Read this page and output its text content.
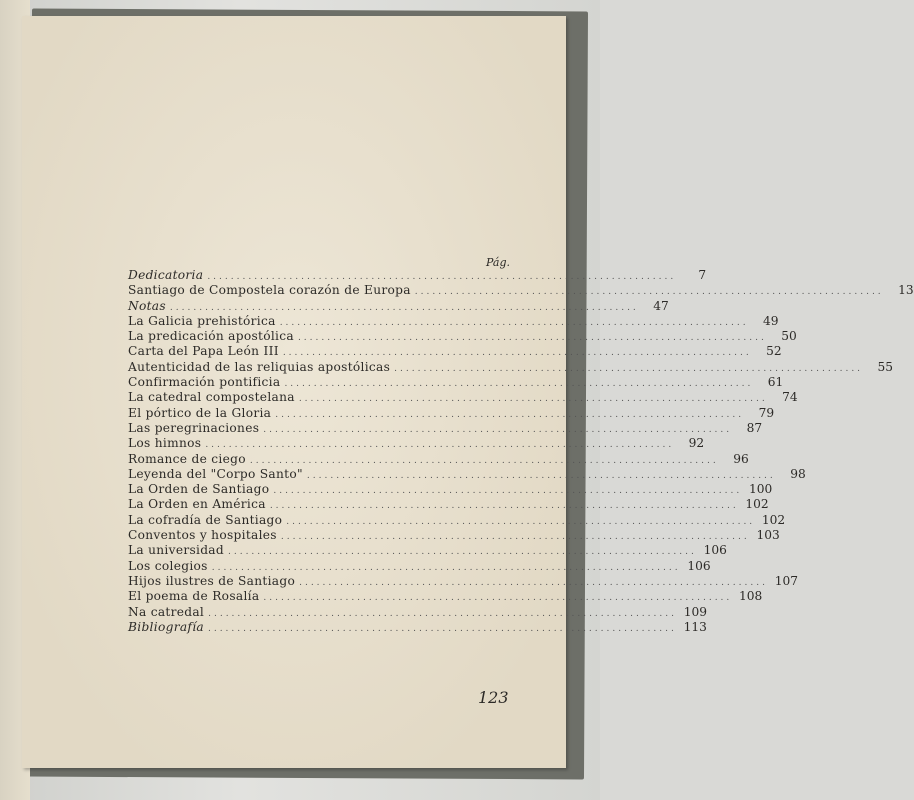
Pág.
Dedicatoria ................................................................................	7
Santiago de Compostela corazón de Europa ................................................................................	13
Notas ................................................................................	47
La Galicia prehistórica ................................................................................	49
La predicación apostólica ................................................................................	50
Carta del Papa León III ................................................................................	52
Autenticidad de las reliquias apostólicas ................................................................................	55
Confirmación pontificia ................................................................................	61
La catedral compostelana ................................................................................	74
El pórtico de la Gloria ................................................................................	79
Las peregrinaciones ................................................................................	87
Los himnos ................................................................................	92
Romance de ciego ................................................................................	96
Leyenda del "Corpo Santo" ................................................................................	98
La Orden de Santiago ................................................................................ 100
La Orden en América ................................................................................ 102
La cofradía de Santiago ................................................................................ 102
Conventos y hospitales ................................................................................ 103
La universidad ................................................................................ 106
Los colegios ................................................................................ 106
Hijos ilustres de Santiago ................................................................................ 107
El poema de Rosalía ................................................................................ 108
Na catredal ................................................................................ 109
Bibliografía ................................................................................ 113
123
